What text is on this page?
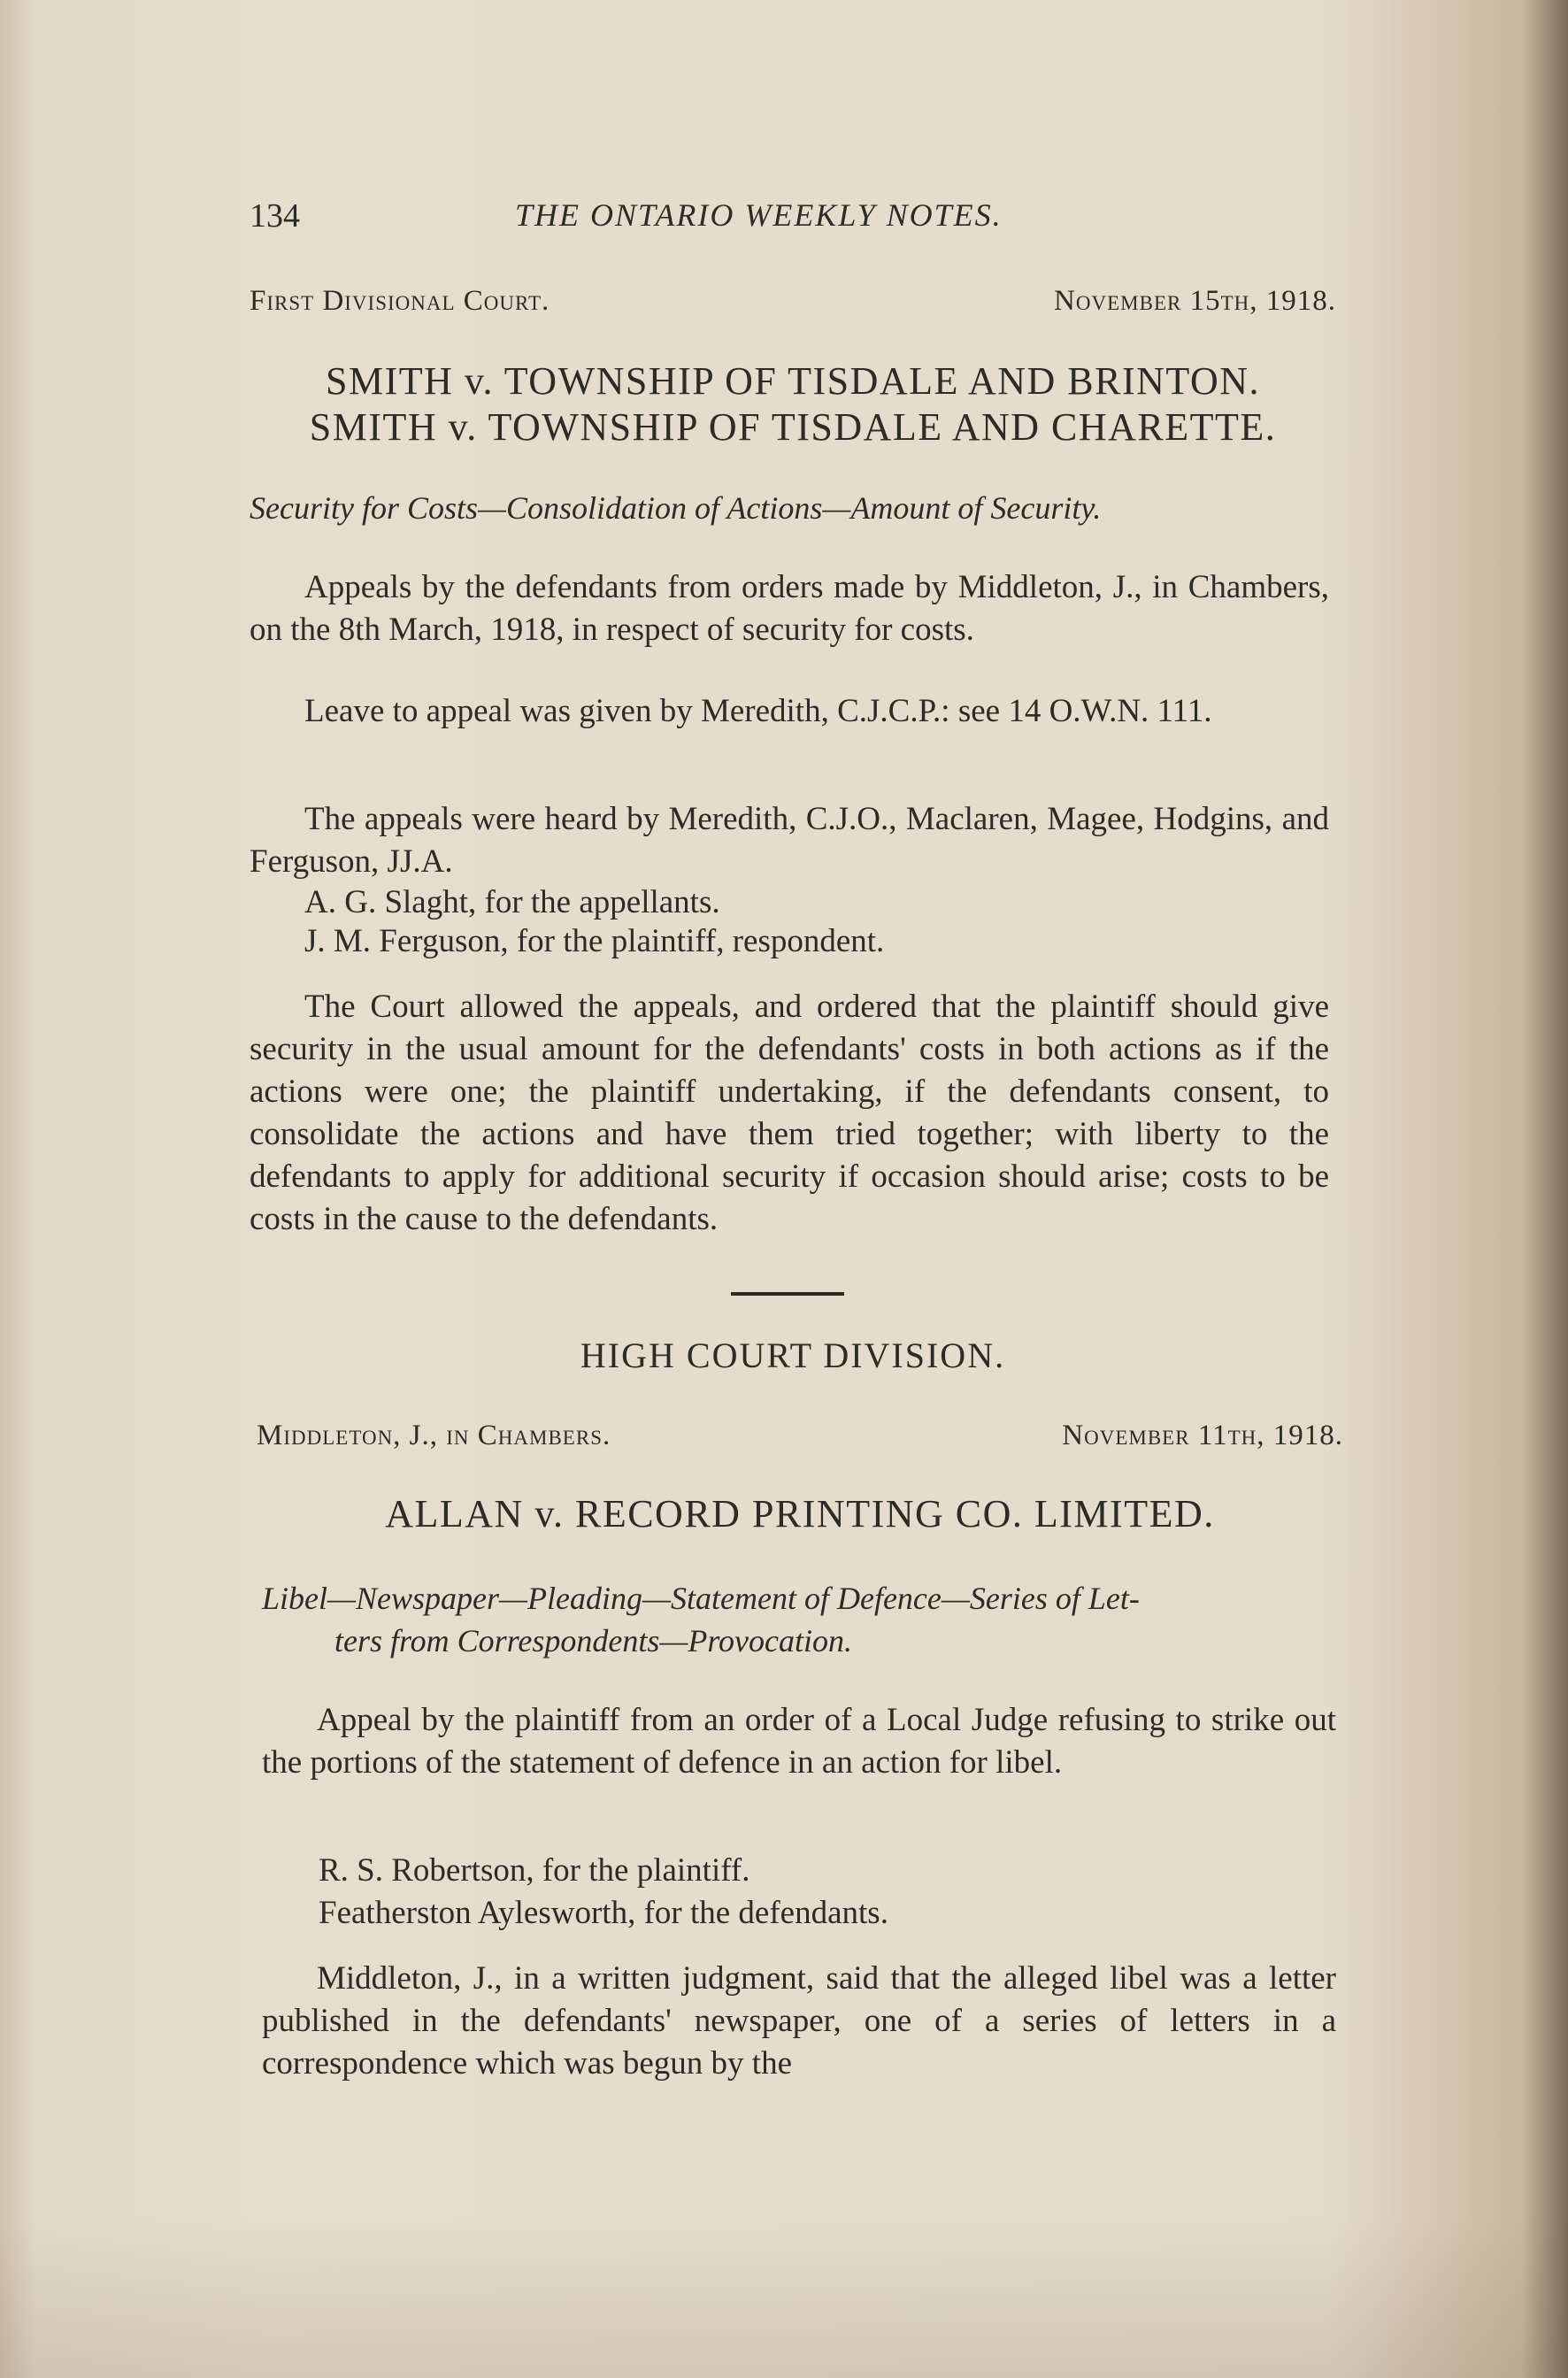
134	THE ONTARIO WEEKLY NOTES.
First Divisional Court.	November 15th, 1918.
SMITH v. TOWNSHIP OF TISDALE AND BRINTON.
SMITH v. TOWNSHIP OF TISDALE AND CHARETTE.
Security for Costs—Consolidation of Actions—Amount of Security.
Appeals by the defendants from orders made by Middleton, J., in Chambers, on the 8th March, 1918, in respect of security for costs.
Leave to appeal was given by Meredith, C.J.C.P.: see 14 O.W.N. 111.
The appeals were heard by Meredith, C.J.O., Maclaren, Magee, Hodgins, and Ferguson, JJ.A.
A. G. Slaght, for the appellants.
J. M. Ferguson, for the plaintiff, respondent.
The Court allowed the appeals, and ordered that the plaintiff should give security in the usual amount for the defendants' costs in both actions as if the actions were one; the plaintiff undertaking, if the defendants consent, to consolidate the actions and have them tried together; with liberty to the defendants to apply for additional security if occasion should arise; costs to be costs in the cause to the defendants.
HIGH COURT DIVISION.
Middleton, J., in Chambers.	November 11th, 1918.
ALLAN v. RECORD PRINTING CO. LIMITED.
Libel—Newspaper—Pleading—Statement of Defence—Series of Let-
ters from Correspondents—Provocation.
Appeal by the plaintiff from an order of a Local Judge refusing to strike out the portions of the statement of defence in an action for libel.
R. S. Robertson, for the plaintiff.
Featherston Aylesworth, for the defendants.
Middleton, J., in a written judgment, said that the alleged libel was a letter published in the defendants' newspaper, one of a series of letters in a correspondence which was begun by the
